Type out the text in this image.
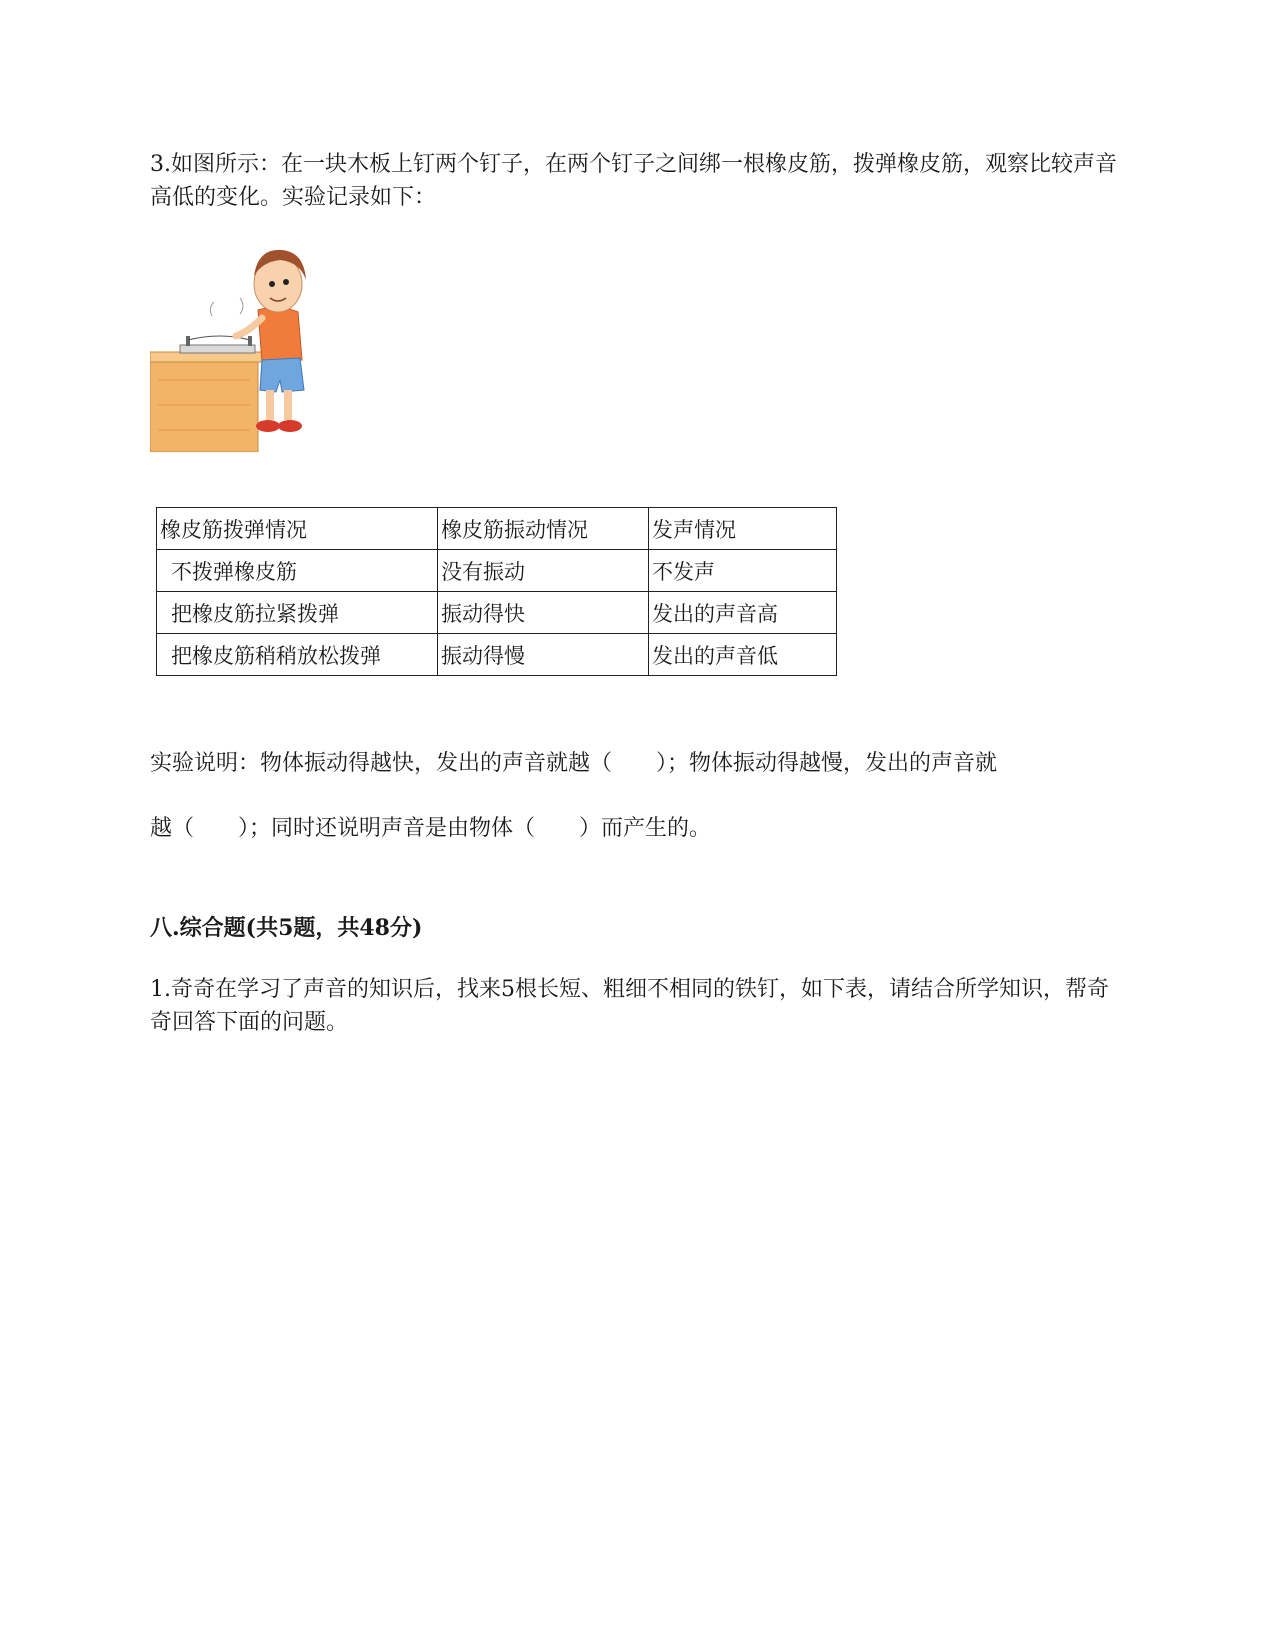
3.如图所示：在一块木板上钉两个钉子，在两个钉子之间绑一根橡皮筋，拨弹橡皮筋，观察比较声音高低的变化。实验记录如下：

橡皮筋拨弹情况	橡皮筋振动情况	发声情况
不拨弹橡皮筋	没有振动	不发声
把橡皮筋拉紧拨弹	振动得快	发出的声音高
把橡皮筋稍稍放松拨弹	振动得慢	发出的声音低
实验说明：物体振动得越快，发出的声音就越（　　）；物体振动得越慢，发出的声音就
越（　　）；同时还说明声音是由物体（　　）而产生的。
八.综合题(共5题，共48分)

1.奇奇在学习了声音的知识后，找来5根长短、粗细不相同的铁钉，如下表，请结合所学知识，帮奇奇回答下面的问题。
